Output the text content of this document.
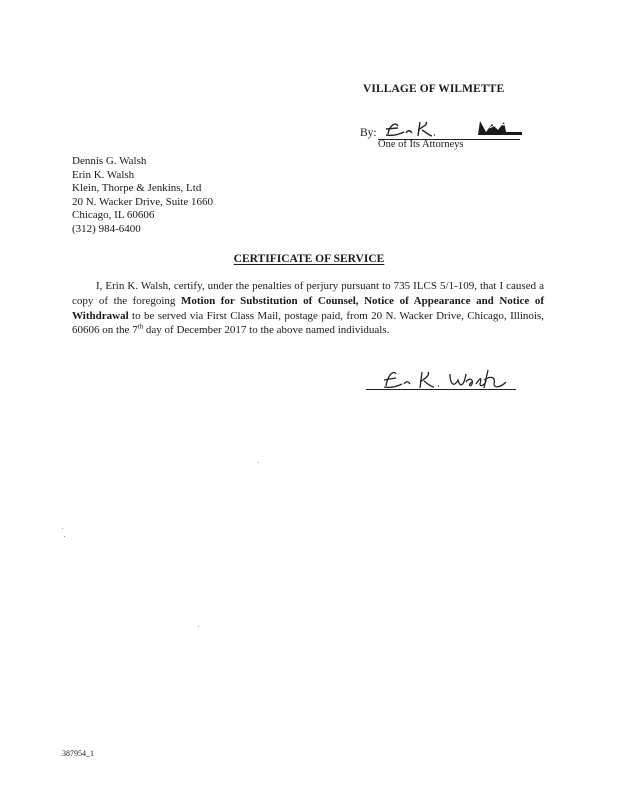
VILLAGE OF WILMETTE
By:
One of Its Attorneys
Dennis G. Walsh
Erin K. Walsh
Klein, Thorpe & Jenkins, Ltd
20 N. Wacker Drive, Suite 1660
Chicago, IL 60606
(312) 984-6400
CERTIFICATE OF SERVICE
I, Erin K. Walsh, certify, under the penalties of perjury pursuant to 735 ILCS 5/1-109, that I caused a copy of the foregoing Motion for Substitution of Counsel, Notice of Appearance and Notice of Withdrawal to be served via First Class Mail, postage paid, from 20 N. Wacker Drive, Chicago, Illinois, 60606 on the 7th day of December 2017 to the above named individuals.
387954_1
